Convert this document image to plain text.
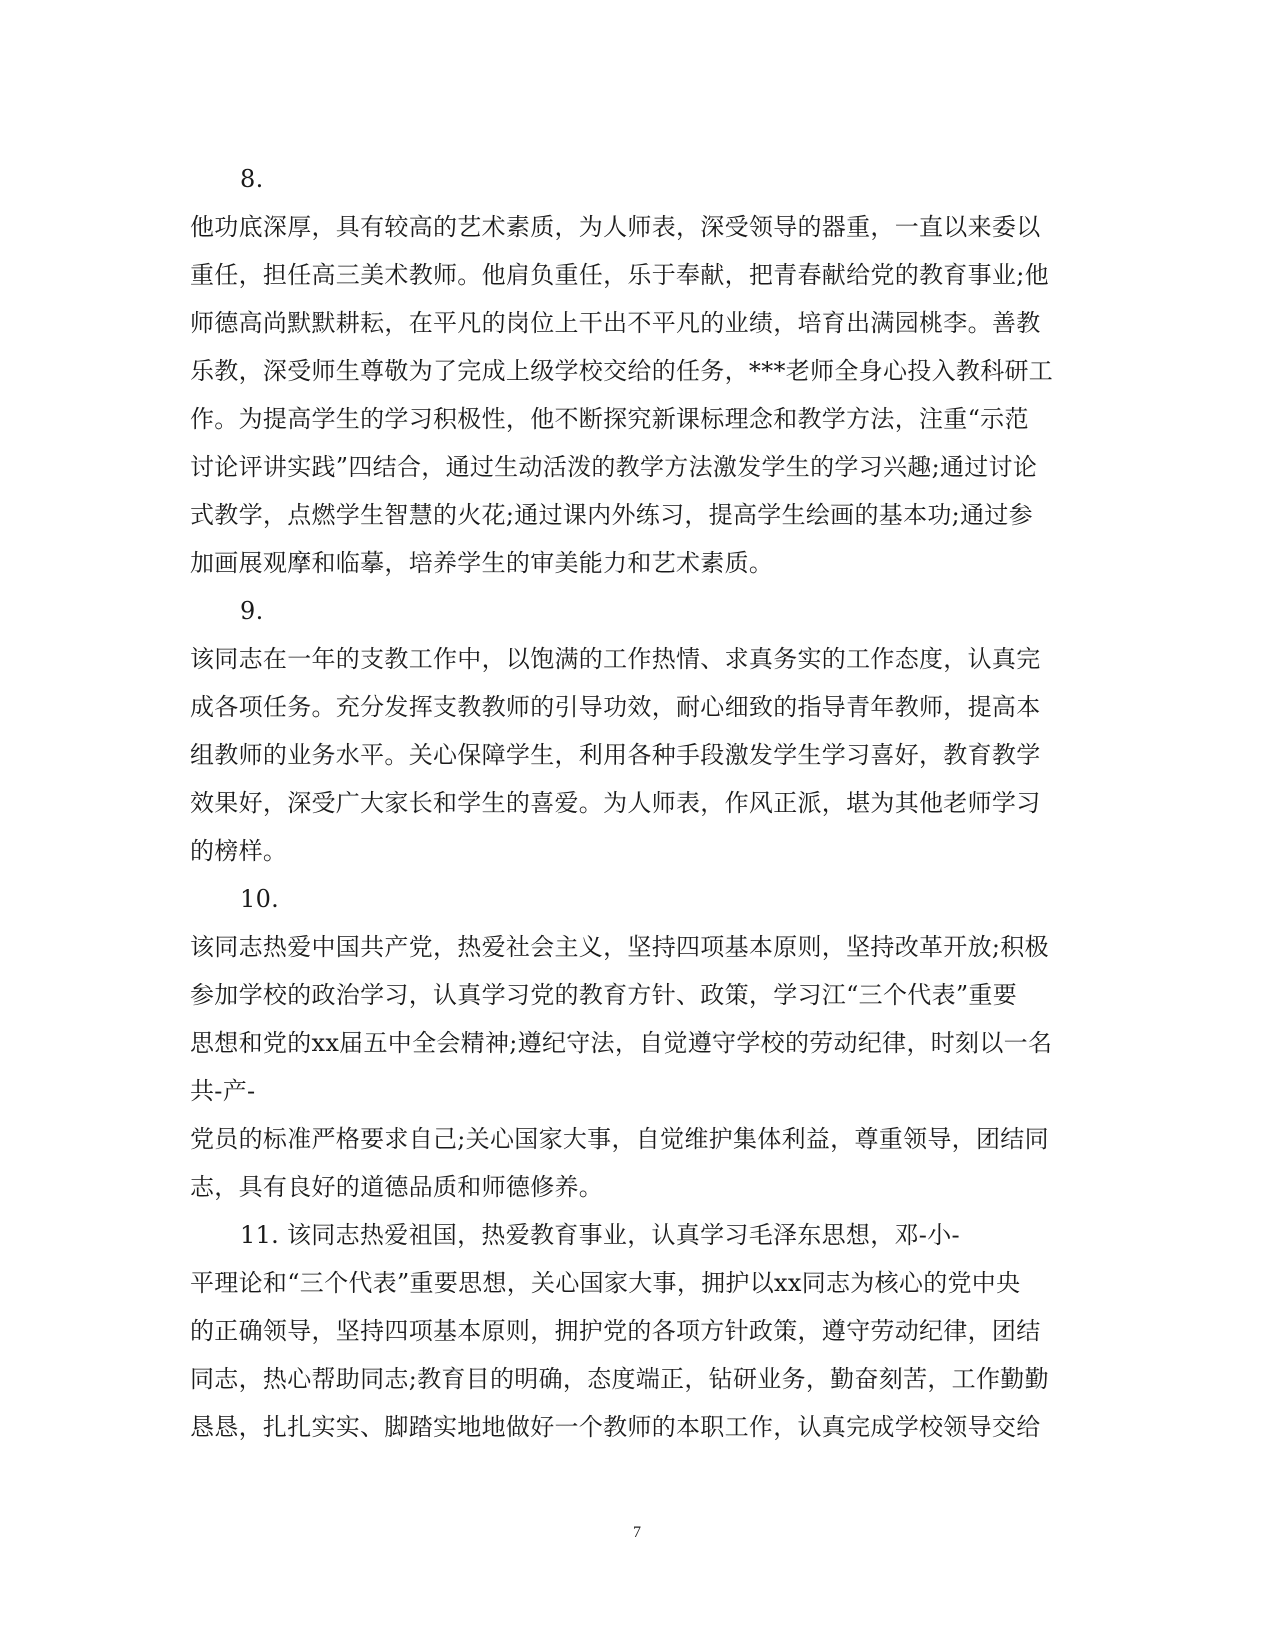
8.
他功底深厚，具有较高的艺术素质，为人师表，深受领导的器重，一直以来委以
重任，担任高三美术教师。他肩负重任，乐于奉献，把青春献给党的教育事业;他
师德高尚默默耕耘，在平凡的岗位上干出不平凡的业绩，培育出满园桃李。善教
乐教，深受师生尊敬为了完成上级学校交给的任务，***老师全身心投入教科研工
作。为提高学生的学习积极性，他不断探究新课标理念和教学方法，注重“示范
讨论评讲实践”四结合，通过生动活泼的教学方法激发学生的学习兴趣;通过讨论
式教学，点燃学生智慧的火花;通过课内外练习，提高学生绘画的基本功;通过参
加画展观摩和临摹，培养学生的审美能力和艺术素质。
9.
该同志在一年的支教工作中，以饱满的工作热情、求真务实的工作态度，认真完
成各项任务。充分发挥支教教师的引导功效，耐心细致的指导青年教师，提高本
组教师的业务水平。关心保障学生，利用各种手段激发学生学习喜好，教育教学
效果好，深受广大家长和学生的喜爱。为人师表，作风正派，堪为其他老师学习
的榜样。
10.
该同志热爱中国共产党，热爱社会主义，坚持四项基本原则，坚持改革开放;积极
参加学校的政治学习，认真学习党的教育方针、政策，学习江“三个代表”重要
思想和党的xx届五中全会精神;遵纪守法，自觉遵守学校的劳动纪律，时刻以一名
共-产-
党员的标准严格要求自己;关心国家大事，自觉维护集体利益，尊重领导，团结同
志，具有良好的道德品质和师德修养。
11. 该同志热爱祖国，热爱教育事业，认真学习毛泽东思想，邓-小-
平理论和“三个代表”重要思想，关心国家大事，拥护以xx同志为核心的党中央
的正确领导，坚持四项基本原则，拥护党的各项方针政策，遵守劳动纪律，团结
同志，热心帮助同志;教育目的明确，态度端正，钻研业务，勤奋刻苦，工作勤勤
恳恳，扎扎实实、脚踏实地地做好一个教师的本职工作，认真完成学校领导交给
7
